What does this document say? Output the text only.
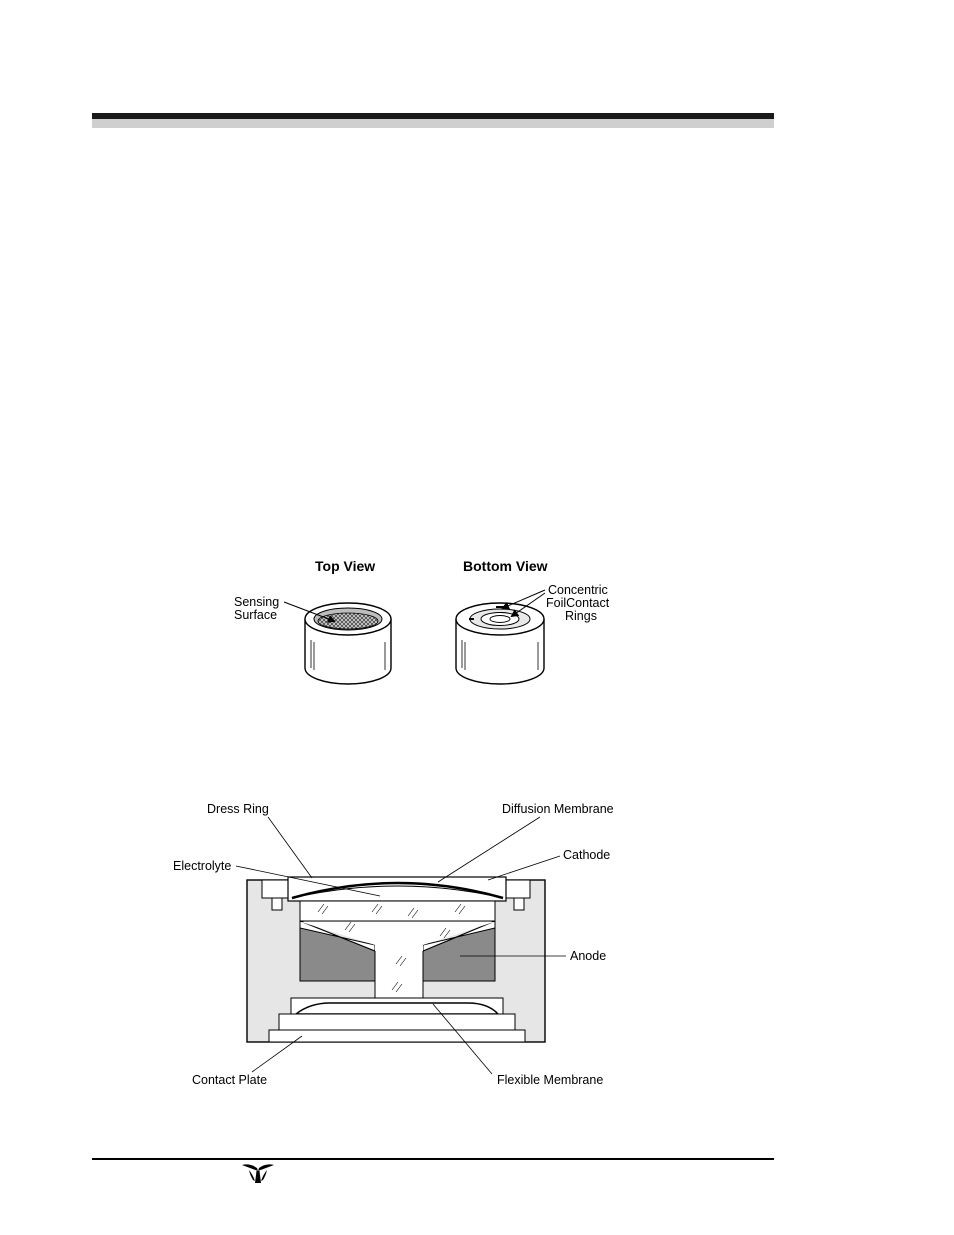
Top View	Bottom View
Sensing
Surface
Concentric
FoilContact
Rings
Dress Ring	Diffusion Membrane
Electrolyte
Cathode
Anode
Contact Plate	Flexible Membrane
